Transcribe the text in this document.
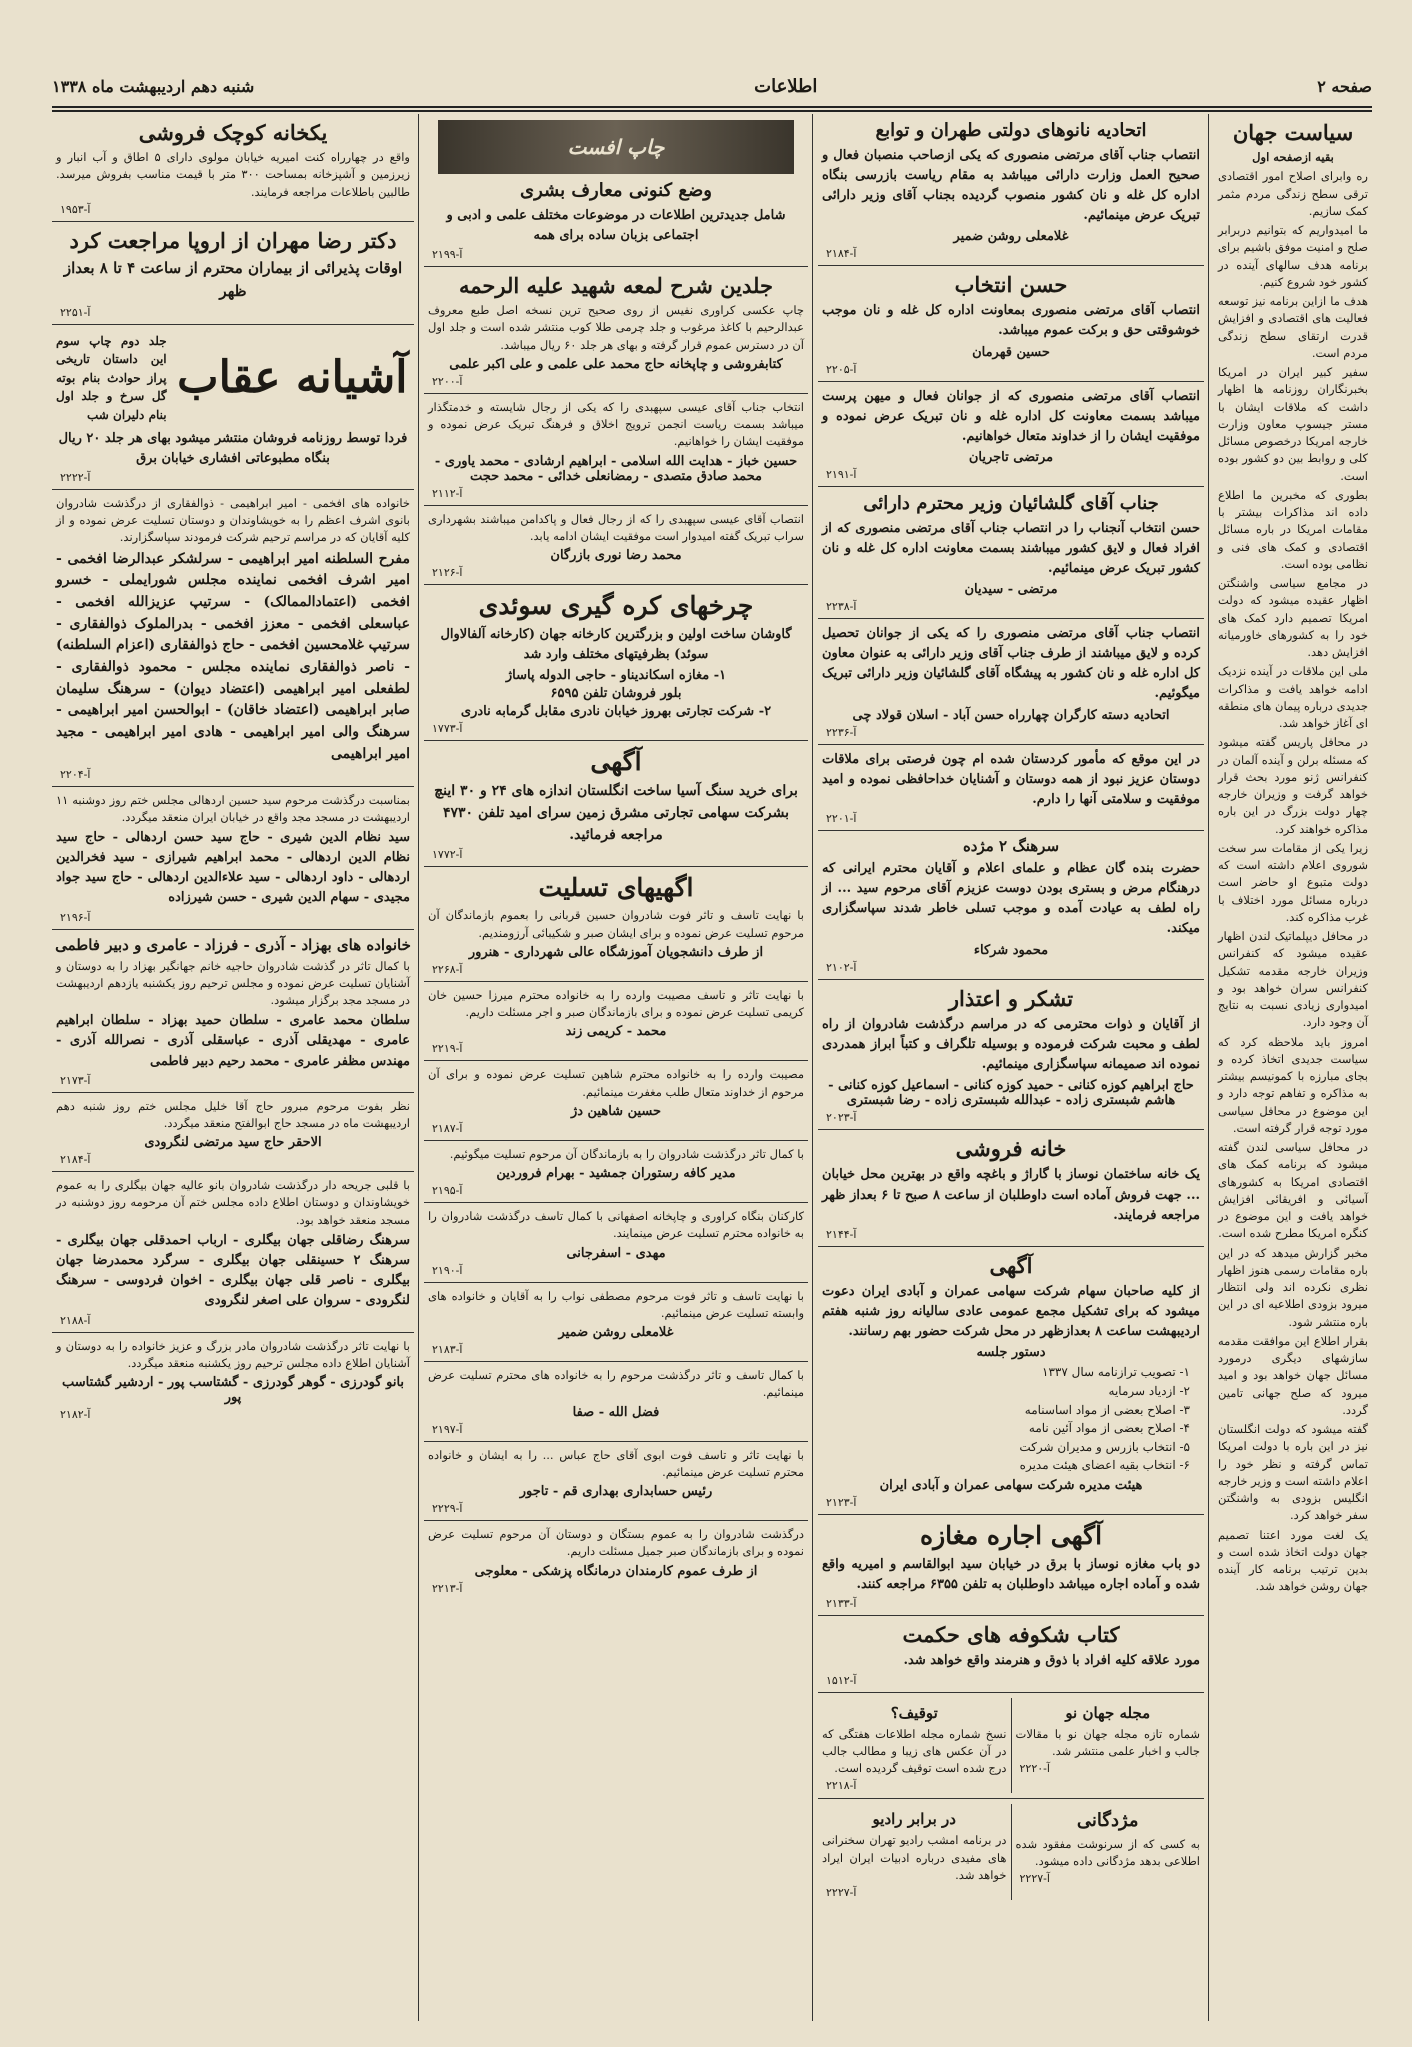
صفحه ۲
اطلاعات
شنبه دهم اردیبهشت ماه ۱۳۳۸
سیاست جهان
بقیه ازصفحه اول
ره وابرای اصلاح امور اقتصادی ترقی سطح زندگی مردم مثمر کمک سازیم.
ما امیدواریم که بتوانیم دربرابر صلح و امنیت موفق باشیم برای برنامه هدف سالهای آینده در کشور خود شروع کنیم.
هدف ما ازاین برنامه نیز توسعه فعالیت های اقتصادی و افزایش قدرت ارتقای سطح زندگی مردم است.
سفیر کبیر ایران در امریکا بخبرنگاران روزنامه ها اظهار داشت که ملاقات ایشان با مستر جیسوپ معاون وزارت خارجه امریکا درخصوص مسائل کلی و روابط بین دو کشور بوده است.
بطوری که مخبرین ما اطلاع داده اند مذاکرات بیشتر با مقامات امریکا در باره مسائل اقتصادی و کمک های فنی و نظامی بوده است.
در مجامع سیاسی واشنگتن اظهار عقیده میشود که دولت امریکا تصمیم دارد کمک های خود را به کشورهای خاورمیانه افزایش دهد.
ملی این ملاقات در آینده نزدیک ادامه خواهد یافت و مذاکرات جدیدی درباره پیمان های منطقه ای آغاز خواهد شد.
در محافل پاریس گفته میشود که مسئله برلن و آینده آلمان در کنفرانس ژنو مورد بحث قرار خواهد گرفت و وزیران خارجه چهار دولت بزرگ در این باره مذاکره خواهند کرد.
زیرا یکی از مقامات سر سخت شوروی اعلام داشته است که دولت متبوع او حاضر است درباره مسائل مورد اختلاف با غرب مذاکره کند.
در محافل دیپلماتیک لندن اظهار عقیده میشود که کنفرانس وزیران خارجه مقدمه تشکیل کنفرانس سران خواهد بود و امیدواری زیادی نسبت به نتایج آن وجود دارد.
امروز باید ملاحظه کرد که سیاست جدیدی اتخاذ کرده و بجای مبارزه با کمونیسم بیشتر به مذاکره و تفاهم توجه دارد و این موضوع در محافل سیاسی مورد توجه قرار گرفته است.
در محافل سیاسی لندن گفته میشود که برنامه کمک های اقتصادی امریکا به کشورهای آسیائی و افریقائی افزایش خواهد یافت و این موضوع در کنگره امریکا مطرح شده است.
مخبر گزارش میدهد که در این باره مقامات رسمی هنوز اظهار نظری نکرده اند ولی انتظار میرود بزودی اطلاعیه ای در این باره منتشر شود.
بقرار اطلاع این موافقت مقدمه سازشهای دیگری درمورد مسائل جهان خواهد بود و امید میرود که صلح جهانی تامین گردد.
گفته میشود که دولت انگلستان نیز در این باره با دولت امریکا تماس گرفته و نظر خود را اعلام داشته است و وزیر خارجه انگلیس بزودی به واشنگتن سفر خواهد کرد.
یک لغت مورد اعتنا تصمیم جهان دولت اتخاذ شده است و بدین ترتیب برنامه کار آینده جهان روشن خواهد شد.
اتحادیه نانوهای دولتی طهران و توابع
انتصاب جناب آقای مرتضی منصوری که یکی ازصاحب منصبان فعال و صحیح العمل وزارت دارائی میباشد به مقام ریاست بازرسی بنگاه اداره کل غله و نان کشور منصوب گردیده بجناب آقای وزیر دارائی تبریک عرض مینمائیم.
غلامعلی روشن ضمیر
آ-۲۱۸۴
حسن انتخاب
انتصاب آقای مرتضی منصوری بمعاونت اداره کل غله و نان موجب خوشوقتی حق و برکت عموم میباشد.
حسین قهرمان
آ-۲۲۰۵
انتصاب آقای مرتضی منصوری که از جوانان فعال و میهن پرست میباشد بسمت معاونت کل اداره غله و نان تبریک عرض نموده و موفقیت ایشان را از خداوند متعال خواهانیم.
مرتضی تاجریان
آ-۲۱۹۱
جناب آقای گلشائیان وزیر محترم دارائی
حسن انتخاب آنجناب را در انتصاب جناب آقای مرتضی منصوری که از افراد فعال و لایق کشور میباشند بسمت معاونت اداره کل غله و نان کشور تبریک عرض مینمائیم.
مرتضی - سیدیان
آ-۲۲۳۸
انتصاب جناب آقای مرتضی منصوری را که یکی از جوانان تحصیل کرده و لایق میباشند از طرف جناب آقای وزیر دارائی به عنوان معاون کل اداره غله و نان کشور به پیشگاه آقای گلشائیان وزیر دارائی تبریک میگوئیم.
اتحادیه دسته کارگران چهارراه حسن آباد - اسلان قولاد چی
آ-۲۲۳۶
در این موقع که مأمور کردستان شده ام چون فرصتی برای ملاقات دوستان عزیز نبود از همه دوستان و آشنایان خداحافظی نموده و امید موفقیت و سلامتی آنها را دارم.
آ-۲۲۰۱
سرهنگ ۲ مژده
حضرت بنده گان عظام و علمای اعلام و آقایان محترم ایرانی که درهنگام مرض و بستری بودن دوست عزیزم آقای مرحوم سید ... از راه لطف به عیادت آمده و موجب تسلی خاطر شدند سپاسگزاری میکند.
محمود شرکاء
آ-۲۱۰۲
تشکر و اعتذار
از آقایان و ذوات محترمی که در مراسم درگذشت شادروان از راه لطف و محبت شرکت فرموده و بوسیله تلگراف و کتباً ابراز همدردی نموده اند صمیمانه سپاسگزاری مینمائیم.
حاج ابراهیم کوزه کنانی - حمید کوزه کنانی - اسماعیل کوزه کنانی - هاشم شبستری زاده - عبدالله شبستری زاده - رضا شبستری
آ-۲۰۲۳
خانه فروشی
یک خانه ساختمان نوساز با گاراژ و باغچه واقع در بهترین محل خیابان ... جهت فروش آماده است داوطلبان از ساعت ۸ صبح تا ۶ بعداز ظهر مراجعه فرمایند.
آ-۲۱۴۴
آگهی
از کلیه صاحبان سهام شرکت سهامی عمران و آبادی ایران دعوت میشود که برای تشکیل مجمع عمومی عادی سالیانه روز شنبه هفتم اردیبهشت ساعت ۸ بعدازظهر در محل شرکت حضور بهم رسانند.
دستور جلسه
۱- تصویب ترازنامه سال ۱۳۳۷
۲- ازدیاد سرمایه
۳- اصلاح بعضی از مواد اساسنامه
۴- اصلاح بعضی از مواد آئین نامه
۵- انتخاب بازرس و مدیران شرکت
۶- انتخاب بقیه اعضای هیئت مدیره
هیئت مدیره شرکت سهامی عمران و آبادی ایران
آ-۲۱۲۳
آگهی اجاره مغازه
دو باب مغازه نوساز با برق در خیابان سید ابوالقاسم و امیریه واقع شده و آماده اجاره میباشد داوطلبان به تلفن ۶۳۵۵ مراجعه کنند.
آ-۲۱۳۳
کتاب شکوفه های حکمت
مورد علاقه کلیه افراد با ذوق و هنرمند واقع خواهد شد.
آ-۱۵۱۲
مجله جهان نو
شماره تازه مجله جهان نو با مقالات جالب و اخبار علمی منتشر شد.
آ-۲۲۲۰
توقیف؟
نسخ شماره مجله اطلاعات هفتگی که در آن عکس های زیبا و مطالب جالب درج شده است توقیف گردیده است.
آ-۲۲۱۸
مژدگانی
به کسی که از سرنوشت مفقود شده اطلاعی بدهد مژدگانی داده میشود.
آ-۲۲۲۷
در برابر رادیو
در برنامه امشب رادیو تهران سخنرانی های مفیدی درباره ادبیات ایران ایراد خواهد شد.
آ-۲۲۲۷
چاپ افست
وضع کنونی معارف بشری
شامل جدیدترین اطلاعات در موضوعات مختلف علمی و ادبی و اجتماعی بزبان ساده برای همه
آ-۲۱۹۹
جلدین شرح لمعه شهید علیه الرحمه
چاپ عکسی کراوری نفیس از روی صحیح ترین نسخه اصل طبع معروف عبدالرحیم با کاغذ مرغوب و جلد چرمی طلا کوب منتشر شده است و جلد اول آن در دسترس عموم قرار گرفته و بهای هر جلد ۶۰ ریال میباشد.
کتابفروشی و چاپخانه حاج محمد علی علمی و علی اکبر علمی
آ-۲۲۰۰
انتخاب جناب آقای عیسی سپهبدی را که یکی از رجال شایسته و خدمتگذار میباشد بسمت ریاست انجمن ترویج اخلاق و فرهنگ تبریک عرض نموده و موفقیت ایشان را خواهانیم.
حسین خباز - هدایت الله اسلامی - ابراهیم ارشادی - محمد یاوری - محمد صادق متصدی - رمضانعلی خدائی - محمد حجت
آ-۲۱۱۲
انتصاب آقای عیسی سپهبدی را که از رجال فعال و پاکدامن میباشند بشهرداری سراب تبریک گفته امیدوار است موفقیت ایشان ادامه یابد.
محمد رضا نوری بازرگان
آ-۲۱۲۶
چرخهای کره گیری سوئدی
گاوشان ساخت اولین و بزرگترین کارخانه جهان (کارخانه آلفالاوال سوئد) بظرفیتهای مختلف وارد شد
۱- مغازه اسکاندیناو - حاجی الدوله پاساژ
بلور فروشان تلفن ۶۵۹۵
۲- شرکت تجارتی بهروز خیابان نادری مقابل گرمابه نادری
آ-۱۷۷۳
آگهی
برای خرید سنگ آسیا ساخت انگلستان اندازه های ۲۴ و ۳۰ اینچ بشرکت سهامی تجارتی مشرق زمین سرای امید تلفن ۴۷۳۰ مراجعه فرمائید.
آ-۱۷۷۲
اگهیهای تسلیت
با نهایت تاسف و تاثر فوت شادروان حسین قربانی را بعموم بازماندگان آن مرحوم تسلیت عرض نموده و برای ایشان صبر و شکیبائی آرزومندیم.
از طرف دانشجویان آموزشگاه عالی شهرداری - هنرور
آ-۲۲۶۸
با نهایت تاثر و تاسف مصیبت وارده را به خانواده محترم میرزا حسین خان کریمی تسلیت عرض نموده و برای بازماندگان صبر و اجر مسئلت داریم.
محمد - کریمی زند
آ-۲۲۱۹
مصیبت وارده را به خانواده محترم شاهین تسلیت عرض نموده و برای آن مرحوم از خداوند متعال طلب مغفرت مینمائیم.
حسین شاهین دژ
آ-۲۱۸۷
با کمال تاثر درگذشت شادروان را به بازماندگان آن مرحوم تسلیت میگوئیم.
مدیر کافه رستوران جمشید - بهرام فروردین
آ-۲۱۹۵
کارکنان بنگاه کراوری و چاپخانه اصفهانی با کمال تاسف درگذشت شادروان را به خانواده محترم تسلیت عرض مینمایند.
مهدی - اسفرجانی
آ-۲۱۹۰
با نهایت تاسف و تاثر فوت مرحوم مصطفی نواب را به آقایان و خانواده های وابسته تسلیت عرض مینمائیم.
غلامعلی روشن ضمیر
آ-۲۱۸۳
با کمال تاسف و تاثر درگذشت مرحوم را به خانواده های محترم تسلیت عرض مینمائیم.
فضل الله - صفا
آ-۲۱۹۷
با نهایت تاثر و تاسف فوت ابوی آقای حاج عباس ... را به ایشان و خانواده محترم تسلیت عرض مینمائیم.
رئیس حسابداری بهداری قم - تاجور
آ-۲۲۲۹
درگذشت شادروان را به عموم بستگان و دوستان آن مرحوم تسلیت عرض نموده و برای بازماندگان صبر جمیل مسئلت داریم.
از طرف عموم کارمندان درمانگاه پزشکی - معلوجی
آ-۲۲۱۳
یکخانه کوچک فروشی
واقع در چهارراه کنت امیریه خیابان مولوی دارای ۵ اطاق و آب انبار و زیرزمین و آشپزخانه بمساحت ۳۰۰ متر با قیمت مناسب بفروش میرسد. طالبین باطلاعات مراجعه فرمایند.
آ-۱۹۵۳
دکتر رضا مهران از اروپا مراجعت کرد
اوقات پذیرائی از بیماران محترم از ساعت ۴ تا ۸ بعداز ظهر
آ-۲۲۵۱
آشیانه عقاب
جلد دوم چاپ سوم این داستان تاریخی پراز حوادث بنام بوته گل سرخ و جلد اول بنام دلیران شب
فردا توسط روزنامه فروشان منتشر میشود بهای هر جلد ۲۰ ریال بنگاه مطبوعاتی افشاری خیابان برق
آ-۲۲۲۲
خانواده های افخمی - امیر ابراهیمی - ذوالفقاری از درگذشت شادروان بانوی اشرف اعظم را به خویشاوندان و دوستان تسلیت عرض نموده و از کلیه آقایان که در مراسم ترحیم شرکت فرمودند سپاسگزارند.
مفرح السلطنه امیر ابراهیمی - سرلشکر عبدالرضا افخمی - امیر اشرف افخمی نماینده مجلس شورایملی - خسرو افخمی (اعتمادالممالک) - سرتیپ عزیزالله افخمی - عباسعلی افخمی - معزز افخمی - بدرالملوک ذوالفقاری - سرتیپ غلامحسین افخمی - حاج ذوالفقاری (اعزام السلطنه) - ناصر ذوالفقاری نماینده مجلس - محمود ذوالفقاری - لطفعلی امیر ابراهیمی (اعتضاد دیوان) - سرهنگ سلیمان صابر ابراهیمی (اعتضاد خاقان) - ابوالحسن امیر ابراهیمی - سرهنگ والی امیر ابراهیمی - هادی امیر ابراهیمی - مجید امیر ابراهیمی
آ-۲۲۰۴
بمناسبت درگذشت مرحوم سید حسین اردهالی مجلس ختم روز دوشنبه ۱۱ اردیبهشت در مسجد مجد واقع در خیابان ایران منعقد میگردد.
سید نظام الدین شیری - حاج سید حسن اردهالی - حاج سید نظام الدین اردهالی - محمد ابراهیم شیرازی - سید فخرالدین اردهالی - داود اردهالی - سید علاءالدین اردهالی - حاج سید جواد مجیدی - سهام الدین شیری - حسن شیرزاده
آ-۲۱۹۶
خانواده های بهزاد - آذری - فرزاد - عامری و دبیر فاطمی
با کمال تاثر در گذشت شادروان حاجیه خانم جهانگیر بهزاد را به دوستان و آشنایان تسلیت عرض نموده و مجلس ترحیم روز یکشنبه یازدهم اردیبهشت در مسجد مجد برگزار میشود.
سلطان محمد عامری - سلطان حمید بهزاد - سلطان ابراهیم عامری - مهدیقلی آذری - عباسقلی آذری - نصرالله آذری - مهندس مظفر عامری - محمد رحیم دبیر فاطمی
آ-۲۱۷۳
نظر بفوت مرحوم مبرور حاج آقا خلیل مجلس ختم روز شنبه دهم اردیبهشت ماه در مسجد حاج ابوالفتح منعقد میگردد.
الاحقر حاج سید مرتضی لنگرودی
آ-۲۱۸۴
با قلبی جریحه دار درگذشت شادروان بانو عالیه جهان بیگلری را به عموم خویشاوندان و دوستان اطلاع داده مجلس ختم آن مرحومه روز دوشنبه در مسجد منعقد خواهد بود.
سرهنگ رضاقلی جهان بیگلری - ارباب احمدقلی جهان بیگلری - سرهنگ ۲ حسینقلی جهان بیگلری - سرگرد محمدرضا جهان بیگلری - ناصر قلی جهان بیگلری - اخوان فردوسی - سرهنگ لنگرودی - سروان علی اصغر لنگرودی
آ-۲۱۸۸
با نهایت تاثر درگذشت شادروان مادر بزرگ و عزیز خانواده را به دوستان و آشنایان اطلاع داده مجلس ترحیم روز یکشنبه منعقد میگردد.
بانو گودرزی - گوهر گودرزی - گشتاسب پور - اردشیر گشتاسب پور
آ-۲۱۸۲
